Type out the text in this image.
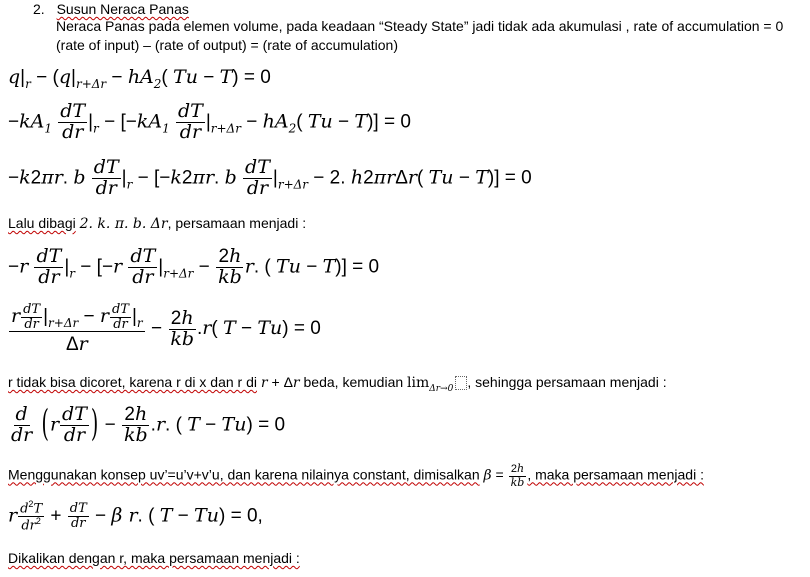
2. Susun Neraca Panas
Neraca Panas pada elemen volume, pada keadaan “Steady State” jadi tidak ada akumulasi , rate of accumulation = 0
(rate of input) – (rate of output) = (rate of accumulation)
$q|_r - (q|_{r+\Delta r} - hA_2$( Tu − T) = 0
$-kA_1 \frac{dT}{dr} |_r - [-kA_1 \frac{dT}{dr} |_{r+\Delta r} - hA_2$( Tu − T)] = 0
−k2πr. b $\frac{dT}{dr} |_r - [-k2\pi r$. b $\frac{dT}{dr} |_{r+\Delta r} - 2$. h2πrΔr( Tu − T)] = 0
Lalu dibagi 2. k. π. b. Δr, persamaan menjadi :
$-r \frac{dT}{dr} |_r - [-r \frac{dT}{dr} |_{r+\Delta r} - \frac{2h}{kb} r$. ( Tu − T)] = 0
$\frac{r \frac{dT}{dr} |_{r+\Delta r} - r \frac{dT}{dr} |_r}{\Delta r} - \frac{2h}{kb} .r$( T − Tu) = 0
r tidak bisa dicoret, karena r di x dan r di r + Δr beda, kemudian $\lim_{\Delta r\to 0}$ , sehingga persamaan menjadi :
$\frac{d}{dr} (r \frac{dT}{dr}$ ) − $\frac{2h}{kb} .r$. ( T − Tu) = 0
Menggunakan konsep uv’=u’v+v’u, dan karena nilainya constant, dimisalkan $\beta = \frac{2h}{kb}$ , maka persamaan menjadi :
r $\frac{d^2T}{dr^2} + \frac{dT}{dr} - \beta$ r. ( T − Tu) = 0,
Dikalikan dengan r, maka persamaan menjadi :
